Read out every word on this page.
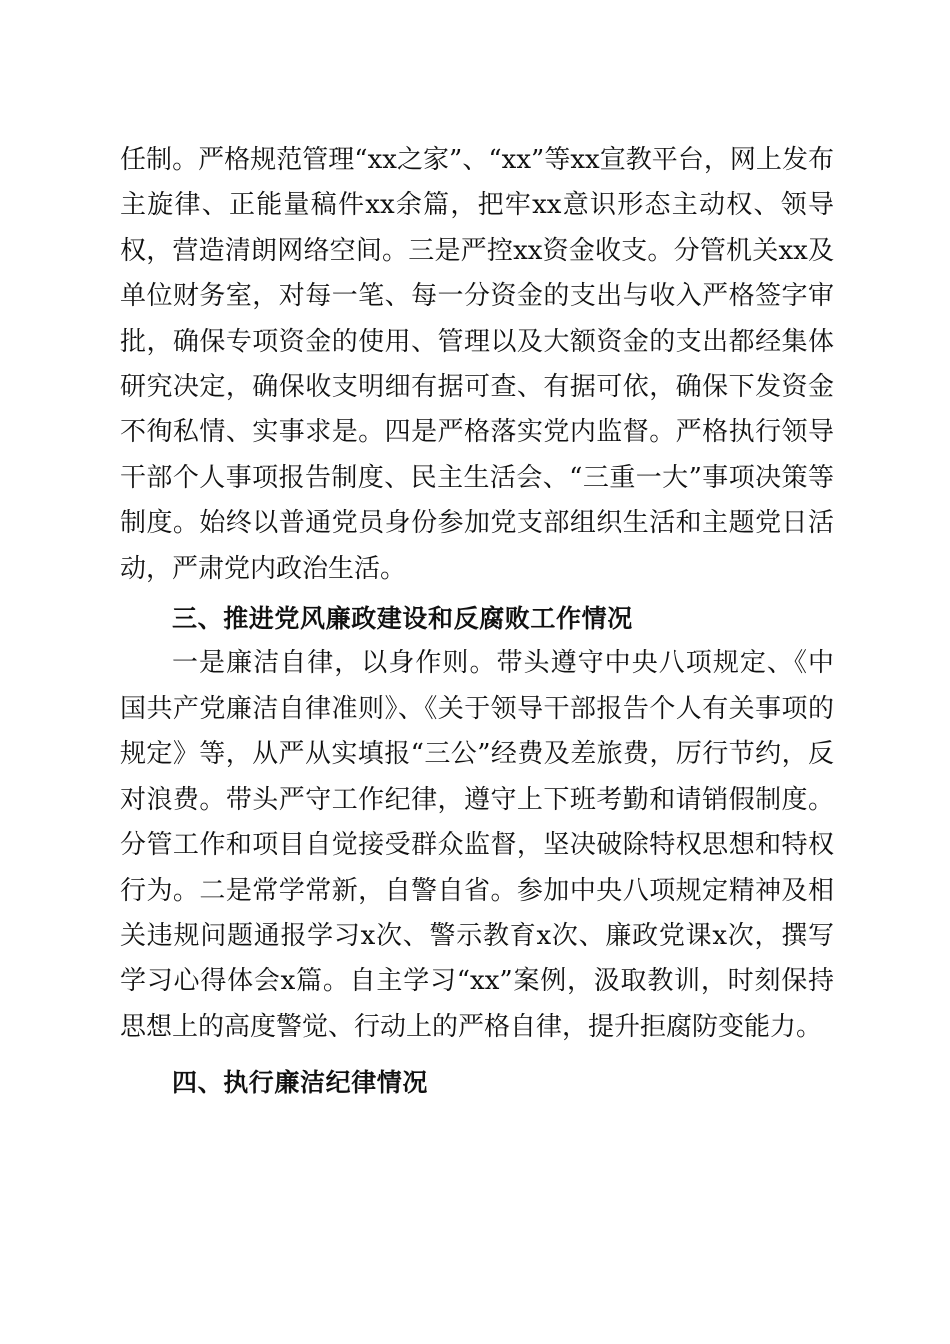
任制。严格规范管理“xx之家”、“xx”等xx宣教平台，网上发布主旋律、正能量稿件xx余篇，把牢xx意识形态主动权、领导权，营造清朗网络空间。三是严控xx资金收支。分管机关xx及单位财务室，对每一笔、每一分资金的支出与收入严格签字审批，确保专项资金的使用、管理以及大额资金的支出都经集体研究决定，确保收支明细有据可查、有据可依，确保下发资金不徇私情、实事求是。四是严格落实党内监督。严格执行领导干部个人事项报告制度、民主生活会、“三重一大”事项决策等制度。始终以普通党员身份参加党支部组织生活和主题党日活动，严肃党内政治生活。

三、推进党风廉政建设和反腐败工作情况

一是廉洁自律，以身作则。带头遵守中央八项规定、《中国共产党廉洁自律准则》、《关于领导干部报告个人有关事项的规定》等，从严从实填报“三公”经费及差旅费，厉行节约，反对浪费。带头严守工作纪律，遵守上下班考勤和请销假制度。分管工作和项目自觉接受群众监督，坚决破除特权思想和特权行为。二是常学常新，自警自省。参加中央八项规定精神及相关违规问题通报学习x次、警示教育x次、廉政党课x次，撰写学习心得体会x篇。自主学习“xx”案例，汲取教训，时刻保持思想上的高度警觉、行动上的严格自律，提升拒腐防变能力。

四、执行廉洁纪律情况
